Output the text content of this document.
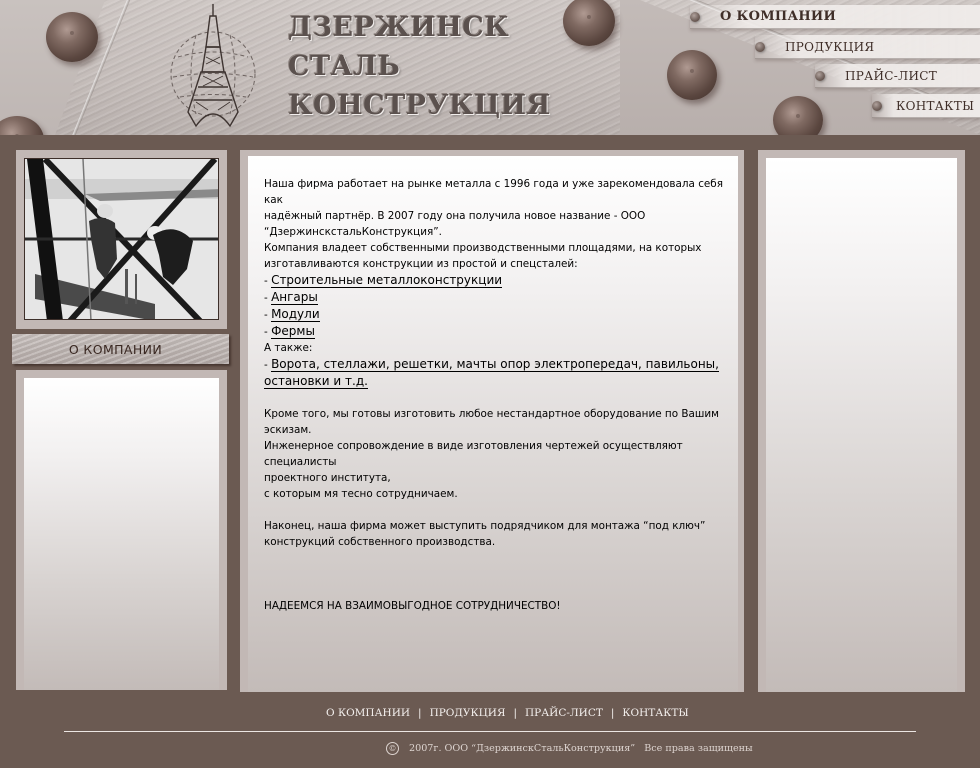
ДЗЕРЖИНСК
СТАЛЬ
КОНСТРУКЦИЯ
О КОМПАНИИ
ПРОДУКЦИЯ
ПРАЙС-ЛИСТ
КОНТАКТЫ
О КОМПАНИИ

Наша фирма работает на рынке металла с 1996 года и уже зарекомендовала себя как

надёжный партнёр. В 2007 году она получила новое название - ООО

“ДзержинскстальКонструкция”.

Компания владеет собственными производственными площадями, на которых

изготавливаются конструкции из простой и спецсталей:

- Строительные металлоконструкции

- Ангары

- Модули

- Фермы

А также:

- Ворота, стеллажи, решетки, мачты опор электропередач, павильоны,

остановки и т.д.

Кроме того, мы готовы изготовить любое нестандартное оборудование по Вашим эскизам.

Инженерное сопровождение в виде изготовления чертежей осуществляют специалисты

проектного института,

с которым мя тесно сотрудничаем.

Наконец, наша фирма может выступить подрядчиком для монтажа “под ключ”

конструкций собственного производства.

НАДЕЕМСЯ НА ВЗАИМОВЫГОДНОЕ СОТРУДНИЧЕСТВО!

О КОМПАНИИ | ПРОДУКЦИЯ | ПРАЙС-ЛИСТ | КОНТАКТЫ
© 2007г. ООО “ДзержинскСтальКонструкция” Все права защищены
